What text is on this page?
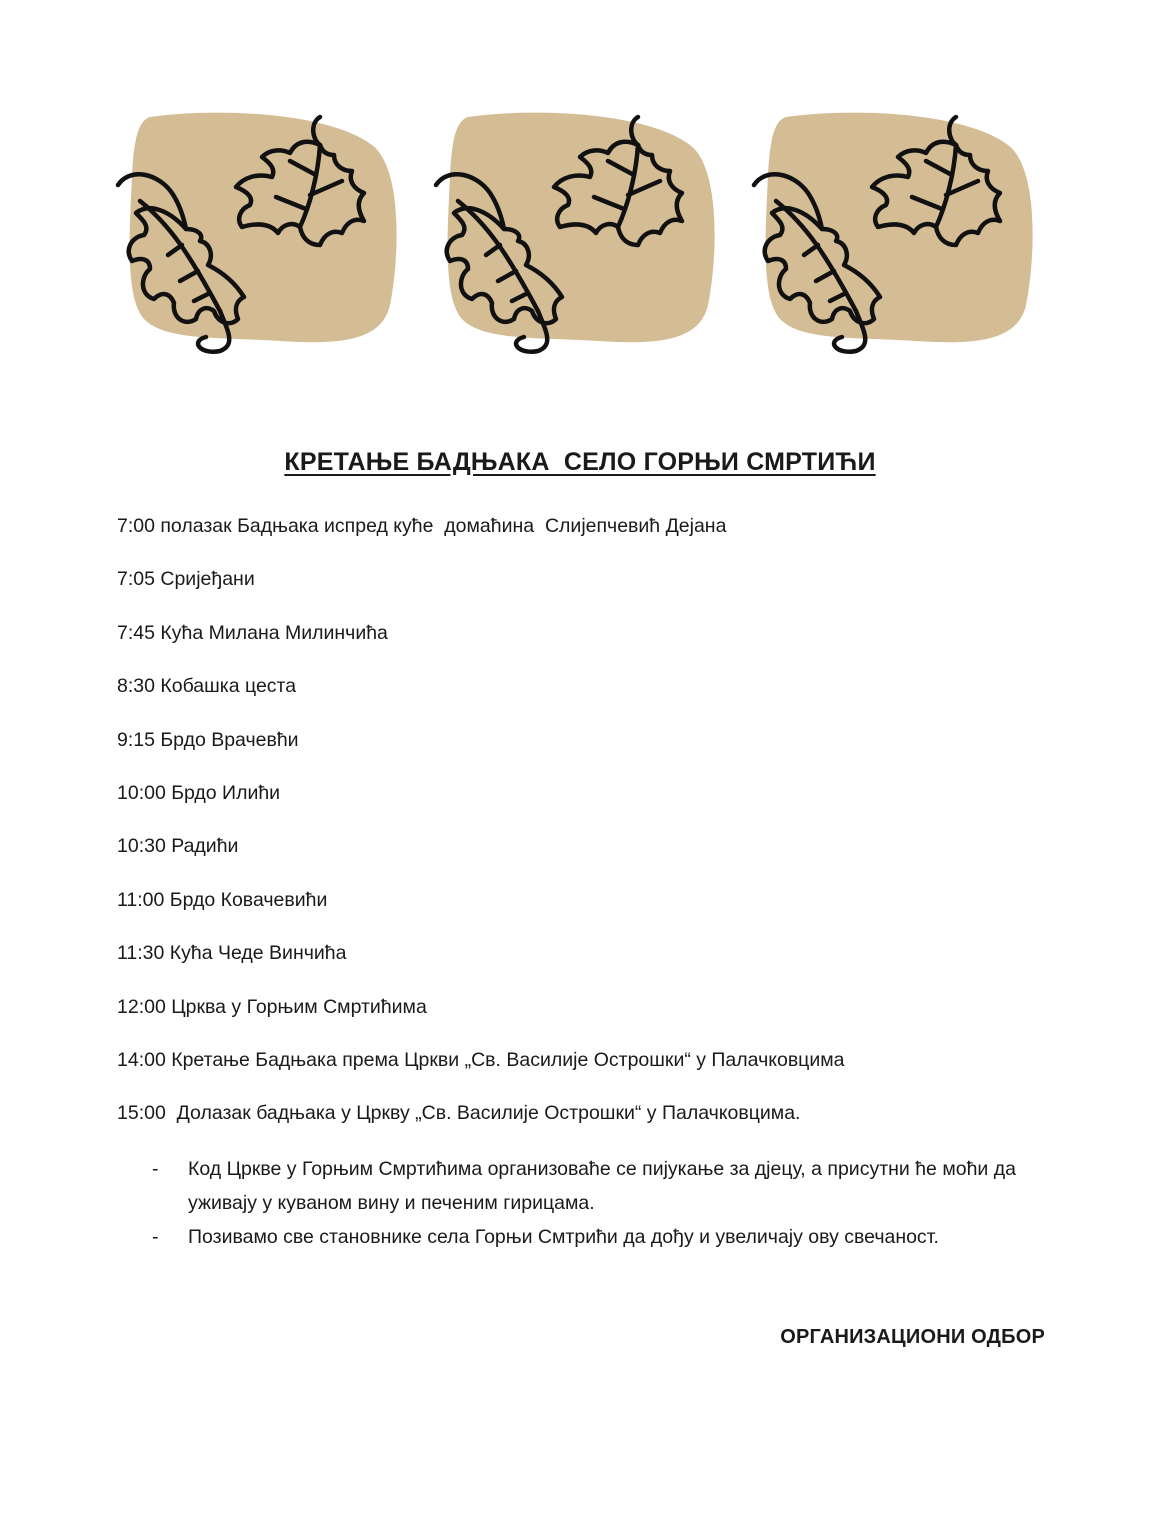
КРЕТАЊЕ БАДЊАКА  СЕЛО ГОРЊИ СМРТИЋИ
7:00 полазак Бадњака испред куће  домаћина  Слијепчевић Дејана
7:05 Сријеђани
7:45 Кућа Милана Милинчића
8:30 Кобашка цеста
9:15 Брдо Врачевћи
10:00 Брдо Илићи
10:30 Радићи
11:00 Брдо Ковачевићи
11:30 Кућа Чеде Винчића
12:00 Црква у Горњим Смртићима
14:00 Кретање Бадњака према Цркви „Св. Василије Острошки“ у Палачковцима
15:00  Долазак бадњака у Цркву „Св. Василије Острошки“ у Палачковцима.
- Код Цркве у Горњим Смртићима организоваће се пијукање за дјецу, а присутни ће моћи да уживају у куваном вину и печеним гирицама.
- Позивамо све становнике села Горњи Смтрићи да дођу и увеличају ову свечаност.
ОРГАНИЗАЦИОНИ ОДБОР
